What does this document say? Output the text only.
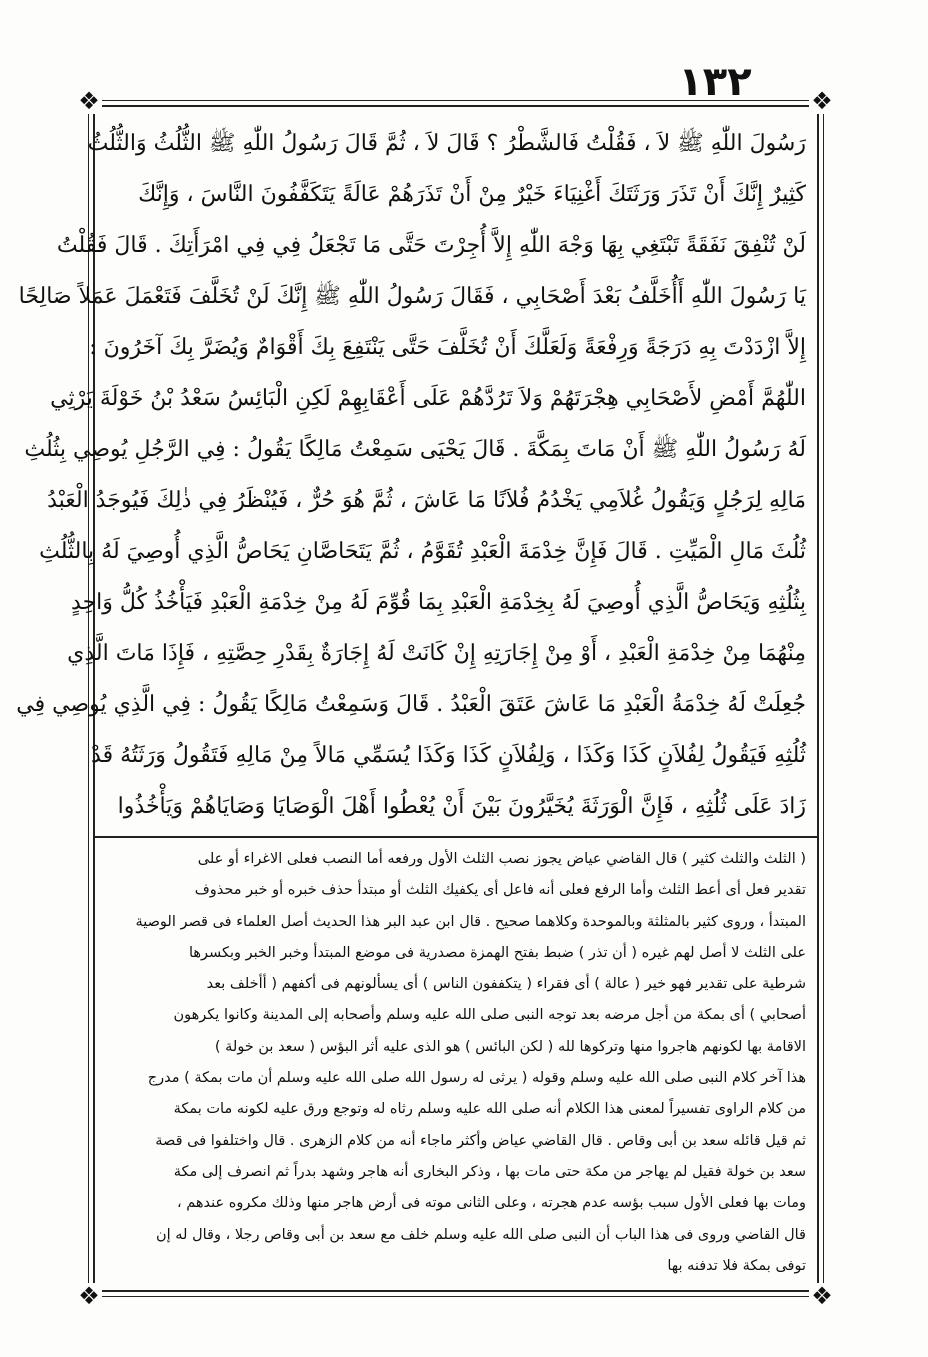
١٣٢
❖	❖
❖	❖
رَسُولَ اللّٰهِ ﷺ لاَ ، فَقُلْتُ فَالشَّطْرُ ؟ قَالَ لاَ ، ثُمَّ قَالَ رَسُولُ اللّٰهِ ﷺ الثُّلُثُ وَالثُّلُثُ
كَثِيرٌ إِنَّكَ أَنْ تَذَرَ وَرَثَتَكَ أَغْنِيَاءَ خَيْرٌ مِنْ أَنْ تَذَرَهُمْ عَالَةً يَتَكَفَّفُونَ النَّاسَ ، وَإِنَّكَ
لَنْ تُنْفِقَ نَفَقَةً تَبْتَغِي بِهَا وَجْهَ اللّٰهِ إِلاَّ أُجِرْتَ حَتَّى مَا تَجْعَلُ فِي فِي امْرَأَتِكَ . قَالَ فَقُلْتُ
يَا رَسُولَ اللّٰهِ أَأُخَلَّفُ بَعْدَ أَصْحَابِي ، فَقَالَ رَسُولُ اللّٰهِ ﷺ إِنَّكَ لَنْ تُخَلَّفَ فَتَعْمَلَ عَمَلاً صَالِحًا
إِلاَّ ازْدَدْتَ بِهِ دَرَجَةً وَرِفْعَةً وَلَعَلَّكَ أَنْ تُخَلَّفَ حَتَّى يَنْتَفِعَ بِكَ أَقْوَامٌ وَيُضَرَّ بِكَ آخَرُونَ :
اللّٰهُمَّ أَمْضِ لأَصْحَابِي هِجْرَتَهُمْ وَلاَ تَرُدَّهُمْ عَلَى أَعْقَابِهِمْ لَكِنِ الْبَائِسُ سَعْدُ بْنُ خَوْلَةَ يَرْثِي
لَهُ رَسُولُ اللّٰهِ ﷺ أَنْ مَاتَ بِمَكَّةَ . قَالَ يَحْيَى سَمِعْتُ مَالِكًا يَقُولُ : فِي الرَّجُلِ يُوصِي بِثُلُثِ
مَالِهِ لِرَجُلٍ وَيَقُولُ غُلاَمِي يَخْدُمُ فُلاَنًا مَا عَاشَ ، ثُمَّ هُوَ حُرٌّ ، فَيُنْظَرُ فِي ذٰلِكَ فَيُوجَدُ الْعَبْدُ
ثُلُثَ مَالِ الْمَيِّتِ . قَالَ فَإِنَّ خِدْمَةَ الْعَبْدِ تُقَوَّمُ ، ثُمَّ يَتَحَاصَّانِ يَحَاصُّ الَّذِي أُوصِيَ لَهُ بِالثُّلُثِ
بِثُلُثِهِ وَيَحَاصُّ الَّذِي أُوصِيَ لَهُ بِخِدْمَةِ الْعَبْدِ بِمَا قُوِّمَ لَهُ مِنْ خِدْمَةِ الْعَبْدِ فَيَأْخُذُ كُلُّ وَاحِدٍ
مِنْهُمَا مِنْ خِدْمَةِ الْعَبْدِ ، أَوْ مِنْ إِجَارَتِهِ إِنْ كَانَتْ لَهُ إِجَارَةٌ بِقَدْرِ حِصَّتِهِ ، فَإِذَا مَاتَ الَّذِي
جُعِلَتْ لَهُ خِدْمَةُ الْعَبْدِ مَا عَاشَ عَتَقَ الْعَبْدُ . قَالَ وَسَمِعْتُ مَالِكًا يَقُولُ : فِي الَّذِي يُوصِي فِي
ثُلُثِهِ فَيَقُولُ لِفُلاَنٍ كَذَا وَكَذَا ، وَلِفُلاَنٍ كَذَا وَكَذَا يُسَمِّي مَالاً مِنْ مَالِهِ فَتَقُولُ وَرَثَتُهُ قَدْ
زَادَ عَلَى ثُلُثِهِ ، فَإِنَّ الْوَرَثَةَ يُخَيَّرُونَ بَيْنَ أَنْ يُعْطُوا أَهْلَ الْوَصَايَا وَصَايَاهُمْ وَيَأْخُذُوا
( الثلث والثلث كثير ) قال القاضي عياض يجوز نصب الثلث الأول ورفعه أما النصب فعلى الاغراء أو على
تقدير فعل أى أعط الثلث وأما الرفع فعلى أنه فاعل أى يكفيك الثلث أو مبتدأ حذف خبره أو خبر محذوف
المبتدأ ، وروى كثير بالمثلثة وبالموحدة وكلاهما صحيح . قال ابن عبد البر هذا الحديث أصل العلماء فى قصر الوصية
على الثلث لا أصل لهم غيره ( أن تذر ) ضبط بفتح الهمزة مصدرية فى موضع المبتدأ وخبر الخبر وبكسرها
شرطية على تقدير فهو خير ( عالة ) أى فقراء ( يتكففون الناس ) أى يسألونهم فى أكفهم ( أأخلف بعد
أصحابي ) أى بمكة من أجل مرضه بعد توجه النبى صلى الله عليه وسلم وأصحابه إلى المدينة وكانوا يكرهون
الاقامة بها لكونهم هاجروا منها وتركوها لله ( لكن البائس ) هو الذى عليه أثر البؤس ( سعد بن خولة )
هذا آخر كلام النبى صلى الله عليه وسلم وقوله ( يرثى له رسول الله صلى الله عليه وسلم أن مات بمكة ) مدرج
من كلام الراوى تفسيراً لمعنى هذا الكلام أنه صلى الله عليه وسلم رثاه له وتوجع ورق عليه لكونه مات بمكة
ثم قيل قائله سعد بن أبى وقاص . قال القاضي عياض وأكثر ماجاء أنه من كلام الزهرى . قال واختلفوا فى قصة
سعد بن خولة فقيل لم يهاجر من مكة حتى مات بها ، وذكر البخارى أنه هاجر وشهد بدراً ثم انصرف إلى مكة
ومات بها فعلى الأول سبب بؤسه عدم هجرته ، وعلى الثانى موته فى أرض هاجر منها وذلك مكروه عندهم ،
قال القاضي وروى فى هذا الباب أن النبى صلى الله عليه وسلم خلف مع سعد بن أبى وقاص رجلا ، وقال له إن
توفى بمكة فلا تدفنه بها
